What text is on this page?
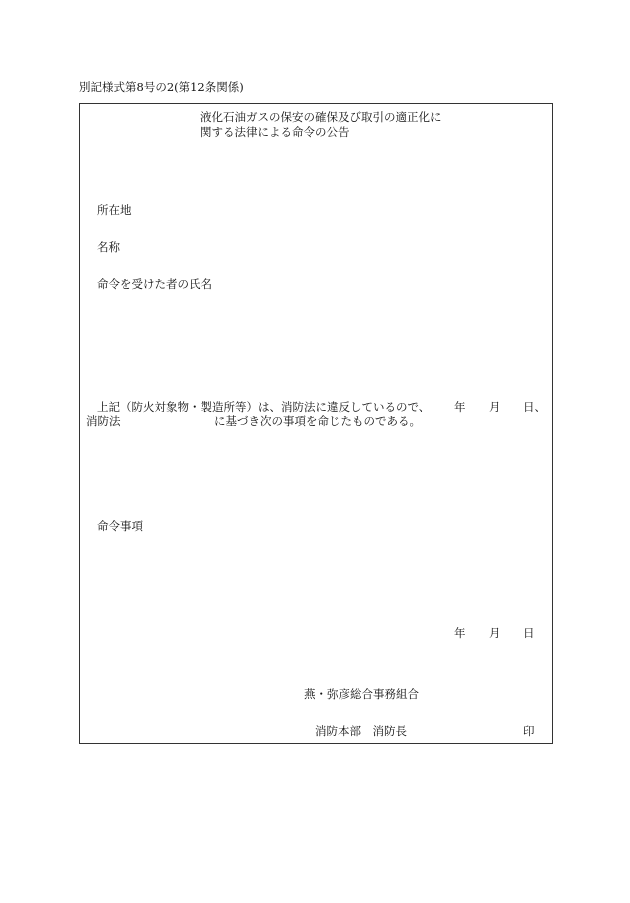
別記様式第8号の2(第12条関係)

液化石油ガスの保安の確保及び取引の適正化に

関する法律による命令の公告

所在地

名称

命令を受けた者の氏名

上記（防火対象物・製造所等）は、消防法に違反しているので、 年 月 日、

消防法	に基づき次の事項を命じたものである。

命令事項

年 月 日

燕・弥彦総合事務組合

消防本部　消防長	印
